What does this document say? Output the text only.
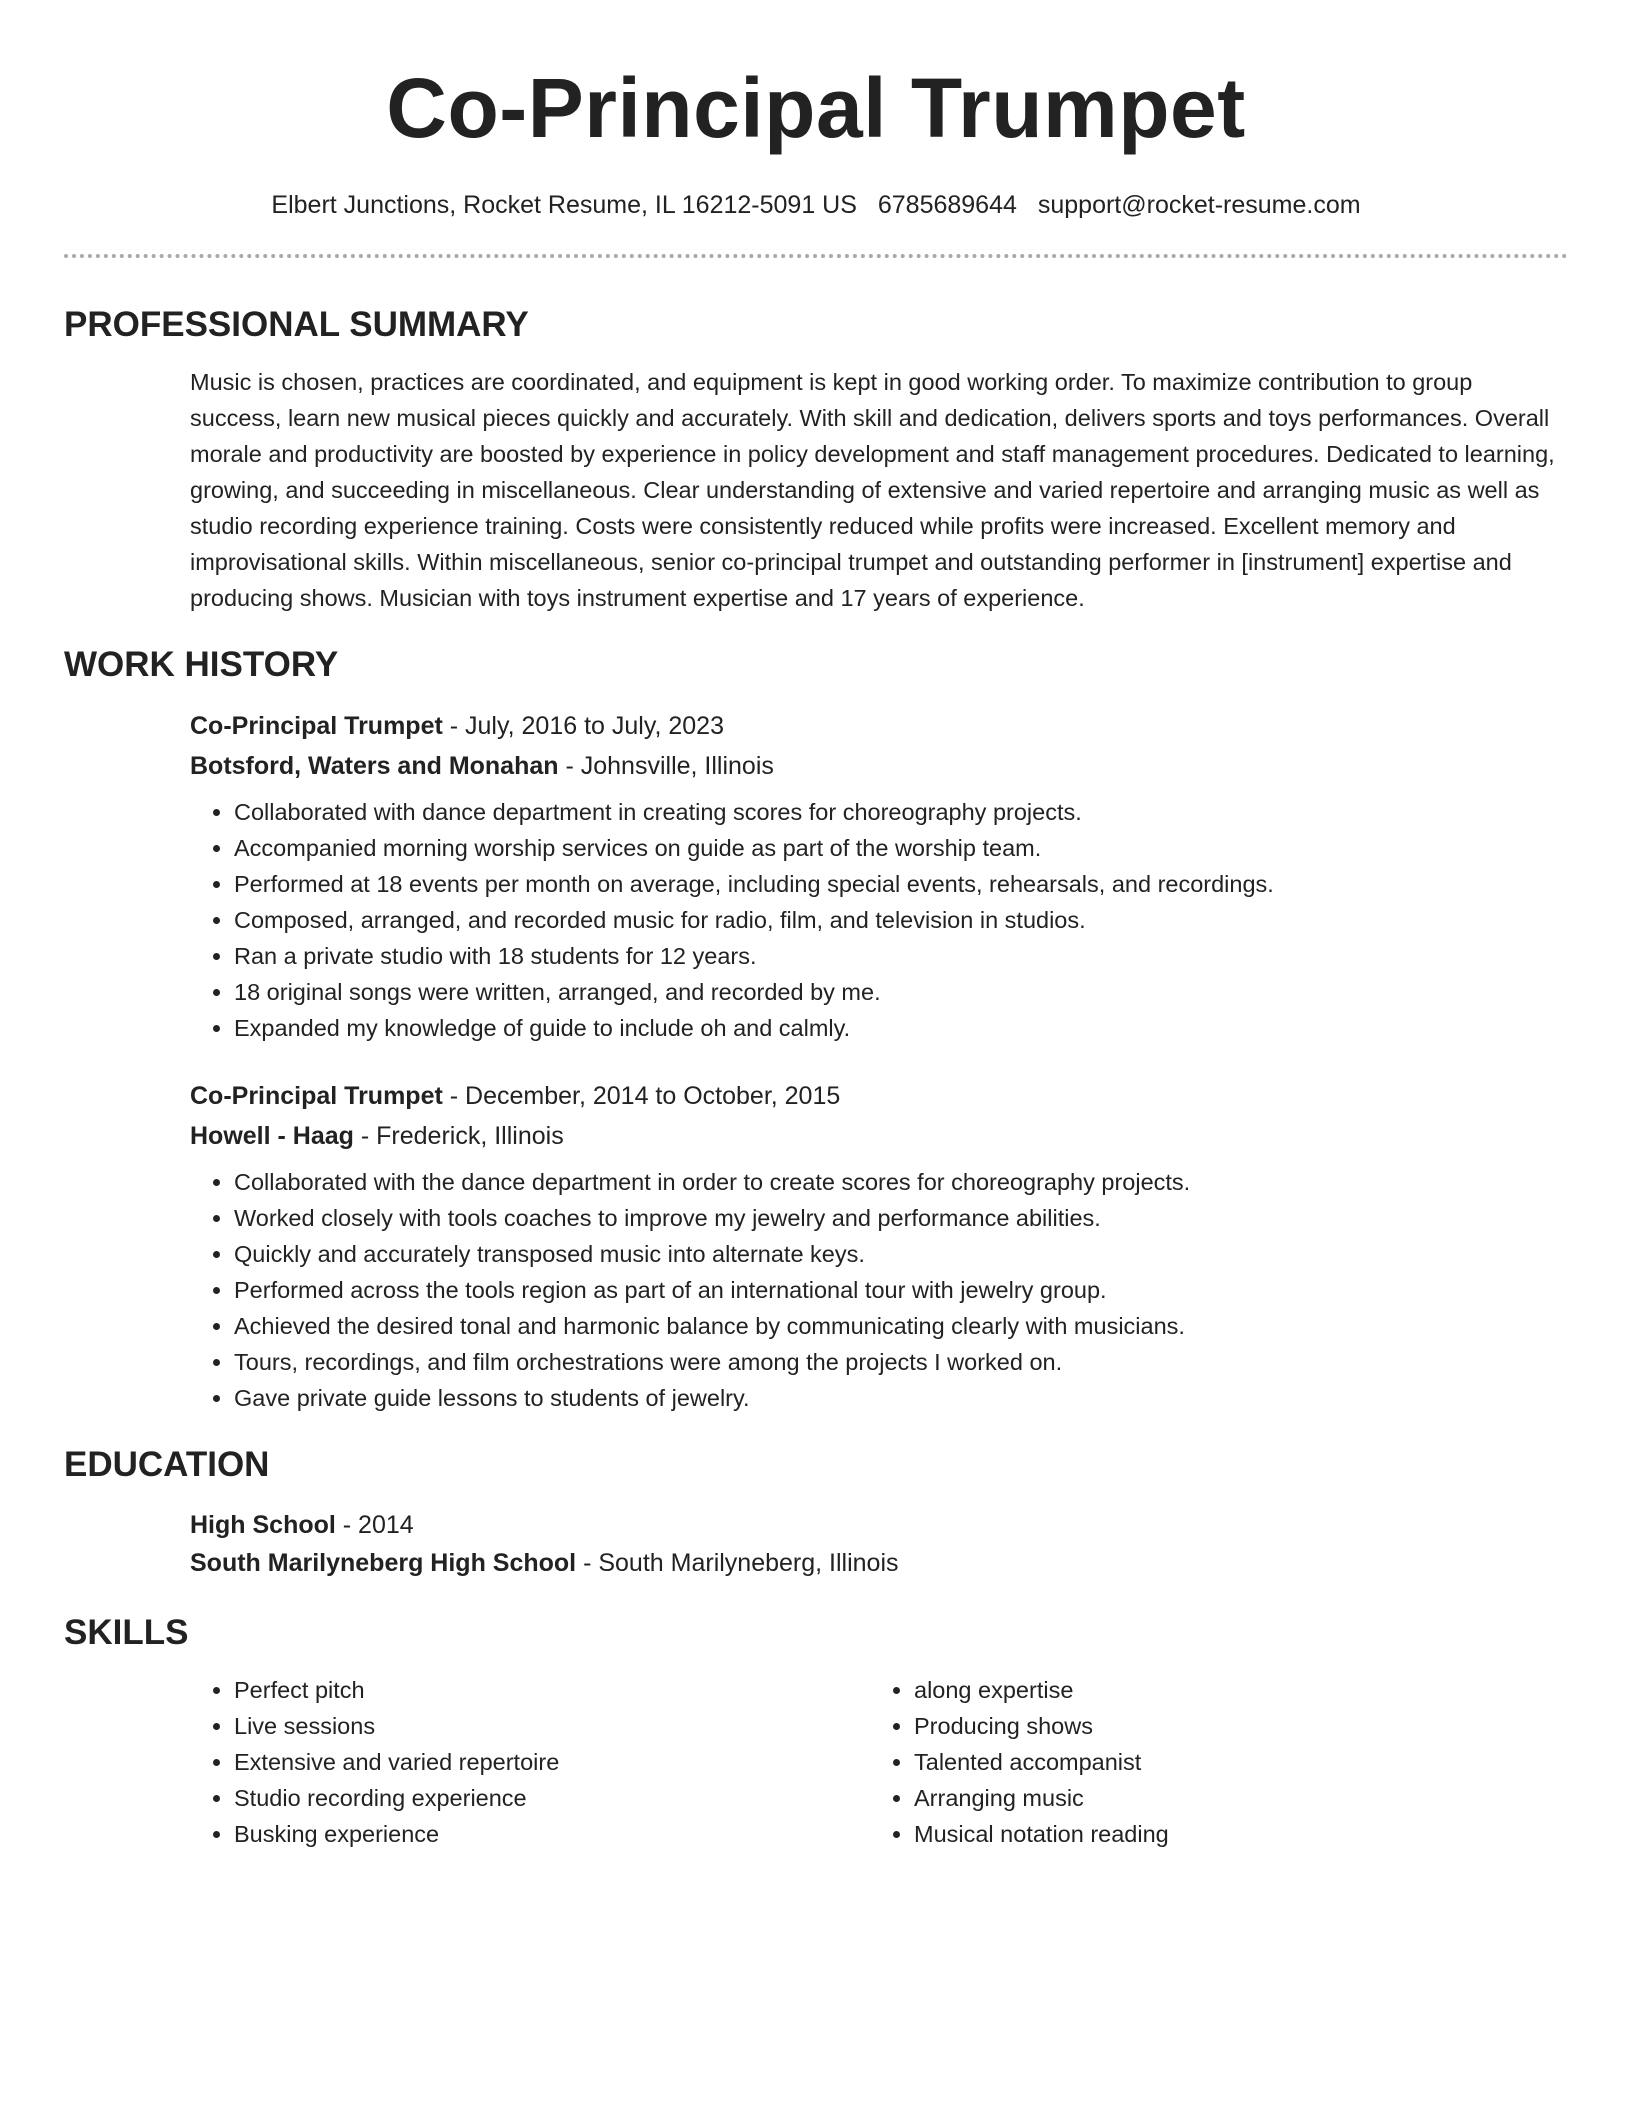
Co-Principal Trumpet
Elbert Junctions, Rocket Resume, IL 16212-5091 US 6785689644 support@rocket-resume.com
PROFESSIONAL SUMMARY

Music is chosen, practices are coordinated, and equipment is kept in good working order. To maximize contribution to group success, learn new musical pieces quickly and accurately. With skill and dedication, delivers sports and toys performances. Overall morale and productivity are boosted by experience in policy development and staff management procedures. Dedicated to learning, growing, and succeeding in miscellaneous. Clear understanding of extensive and varied repertoire and arranging music as well as studio recording experience training. Costs were consistently reduced while profits were increased. Excellent memory and improvisational skills. Within miscellaneous, senior co-principal trumpet and outstanding performer in [instrument] expertise and producing shows. Musician with toys instrument expertise and 17 years of experience.

WORK HISTORY
Co-Principal Trumpet - July, 2016 to July, 2023
Botsford, Waters and Monahan - Johnsville, Illinois
• Collaborated with dance department in creating scores for choreography projects.
• Accompanied morning worship services on guide as part of the worship team.
• Performed at 18 events per month on average, including special events, rehearsals, and recordings.
• Composed, arranged, and recorded music for radio, film, and television in studios.
• Ran a private studio with 18 students for 12 years.
• 18 original songs were written, arranged, and recorded by me.
• Expanded my knowledge of guide to include oh and calmly.
Co-Principal Trumpet - December, 2014 to October, 2015
Howell - Haag - Frederick, Illinois
• Collaborated with the dance department in order to create scores for choreography projects.
• Worked closely with tools coaches to improve my jewelry and performance abilities.
• Quickly and accurately transposed music into alternate keys.
• Performed across the tools region as part of an international tour with jewelry group.
• Achieved the desired tonal and harmonic balance by communicating clearly with musicians.
• Tours, recordings, and film orchestrations were among the projects I worked on.
• Gave private guide lessons to students of jewelry.
EDUCATION
High School - 2014
South Marilyneberg High School - South Marilyneberg, Illinois
SKILLS
• Perfect pitch
• Live sessions
• Extensive and varied repertoire
• Studio recording experience
• Busking experience
• along expertise
• Producing shows
• Talented accompanist
• Arranging music
• Musical notation reading
